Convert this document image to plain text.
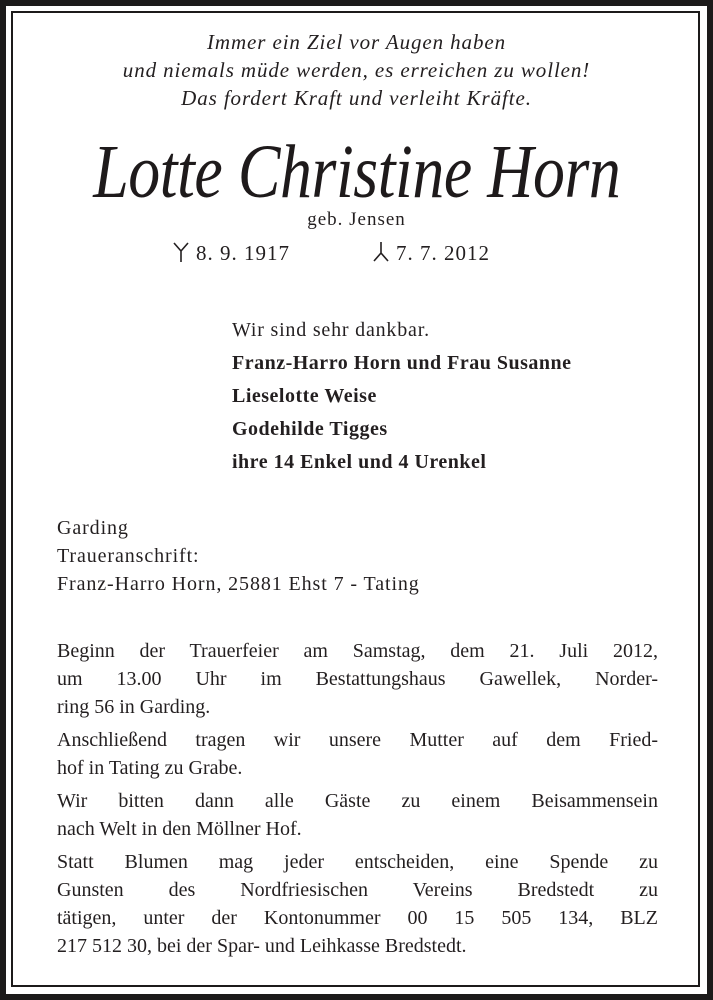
Immer ein Ziel vor Augen haben
und niemals müde werden, es erreichen zu wollen!
Das fordert Kraft und verleiht Kräfte.
Lotte Christine Horn
geb. Jensen
8. 9. 1917	7. 7. 2012
Wir sind sehr dankbar.
Franz-Harro Horn und Frau Susanne
Lieselotte Weise
Godehilde Tigges
ihre 14 Enkel und 4 Urenkel
Garding
Traueranschrift:
Franz-Harro Horn, 25881 Ehst 7 - Tating
Beginn der Trauerfeier am Samstag, dem 21. Juli 2012,
um 13.00 Uhr im Bestattungshaus Gawellek, Norder-
ring 56 in Garding.
Anschließend tragen wir unsere Mutter auf dem Fried-
hof in Tating zu Grabe.
Wir bitten dann alle Gäste zu einem Beisammensein
nach Welt in den Möllner Hof.
Statt Blumen mag jeder entscheiden, eine Spende zu
Gunsten des Nordfriesischen Vereins Bredstedt zu
tätigen, unter der Kontonummer 00 15 505 134, BLZ
217 512 30, bei der Spar- und Leihkasse Bredstedt.
